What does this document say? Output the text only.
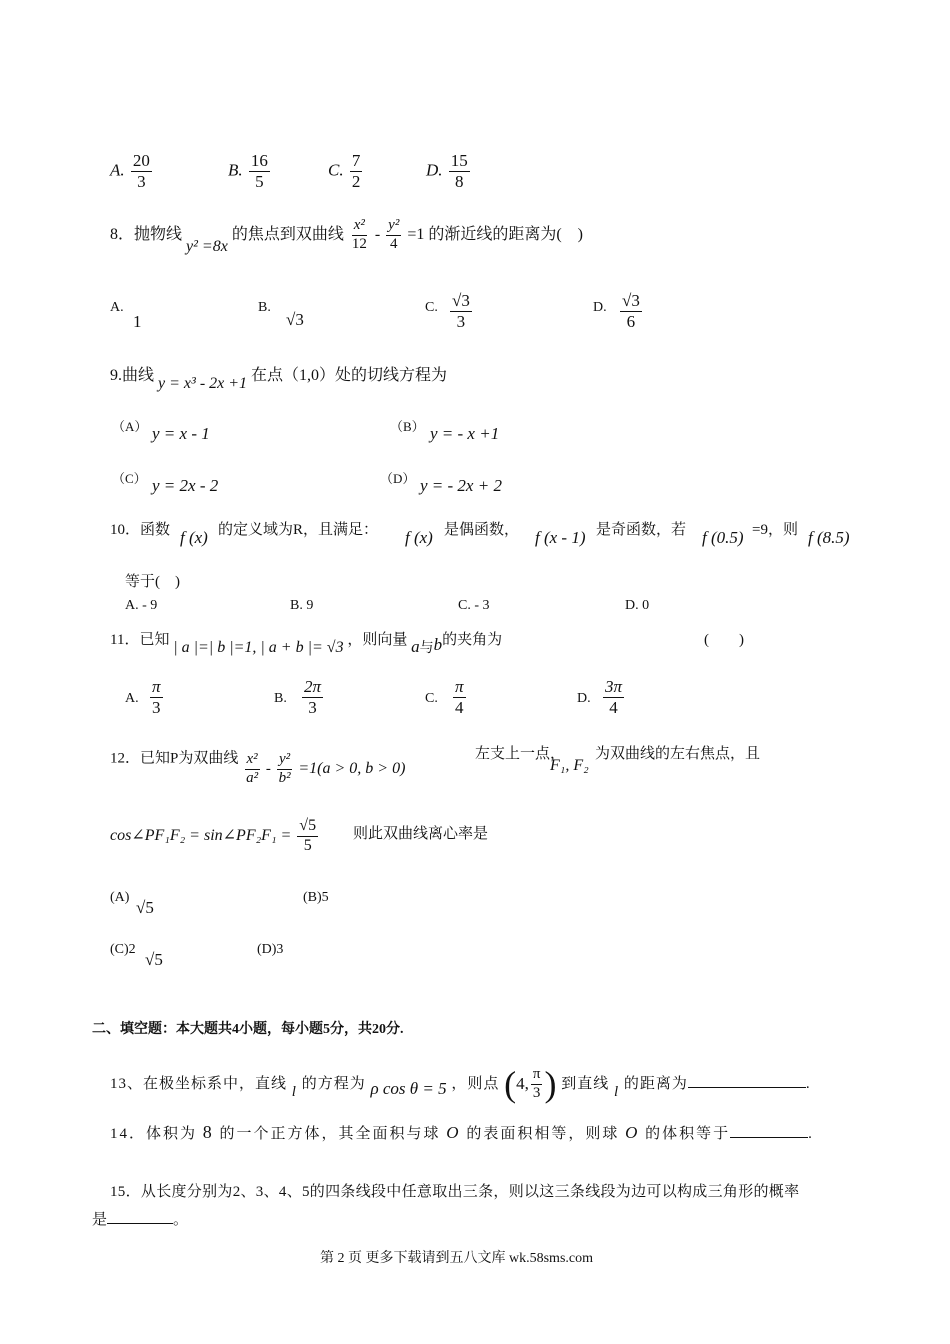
A. $\frac{20}{3}$	B. $\frac{16}{5}$	C. $\frac{7}{2}$	D. $\frac{15}{8}$
8．抛物线 y² =8x 的焦点到双曲线 $\frac{\text{x²}}{12} - \frac{\text{y²}}{4} =1$ 的渐近线的距离为(　)
A.
1
B.
√3
C. $\frac{√3}{3}$	D. $\frac{√3}{6}$
9.曲线 y = x³ - 2x +1 在点（1,0）处的切线方程为
（A） y = x - 1	（B） y = - x +1
（C） y = 2x - 2	（D） y = - 2x + 2
10．函数 f (x) 的定义域为R，且满足： f (x) 是偶函数， f (x - 1) 是奇函数，若 f (0.5) =9，则 f (8.5)
等于(　)
A. - 9	B. 9	C. - 3	D. 0
11．已知 | a |=| b |=1, | a + b |= √3 ，则向量 a与b的夹角为	(　　)
A. $\frac{\pi}{3}$	B. $\frac{2\pi}{3}$	C. $\frac{\pi}{4}$	D. $\frac{3\pi}{4}$
12．已知P为双曲线 $\frac{\text{x²}}{\text{a²}} - \frac{\text{y²}}{\text{b²}} =1(a > 0$, b > 0)
左支上一点，
F₁, F₂
为双曲线的左右焦点，且
cos∠PF₁F₂ = sin∠PF₂F₁ = $\frac{√5}{5}$ 则此双曲线离心率是
(A)
√5
(B)5
(C)2
√5
(D)3
二、填空题：本大题共4小题，每小题5分，共20分.
13、在极坐标系中，直线 l 的方程为 ρ cos θ = 5 ，则点 ( 4, $\frac{\pi}{3}$ ) 到直线 l 的距离为	.
14．体积为 8 的一个正方体，其全面积与球 O 的表面积相等，则球 O 的体积等于	.
15．从长度分别为2、3、4、5的四条线段中任意取出三条，则以这三条线段为边可以构成三角形的概率
是	。
第 2 页 更多下载请到五八文库 wk.58sms.com
